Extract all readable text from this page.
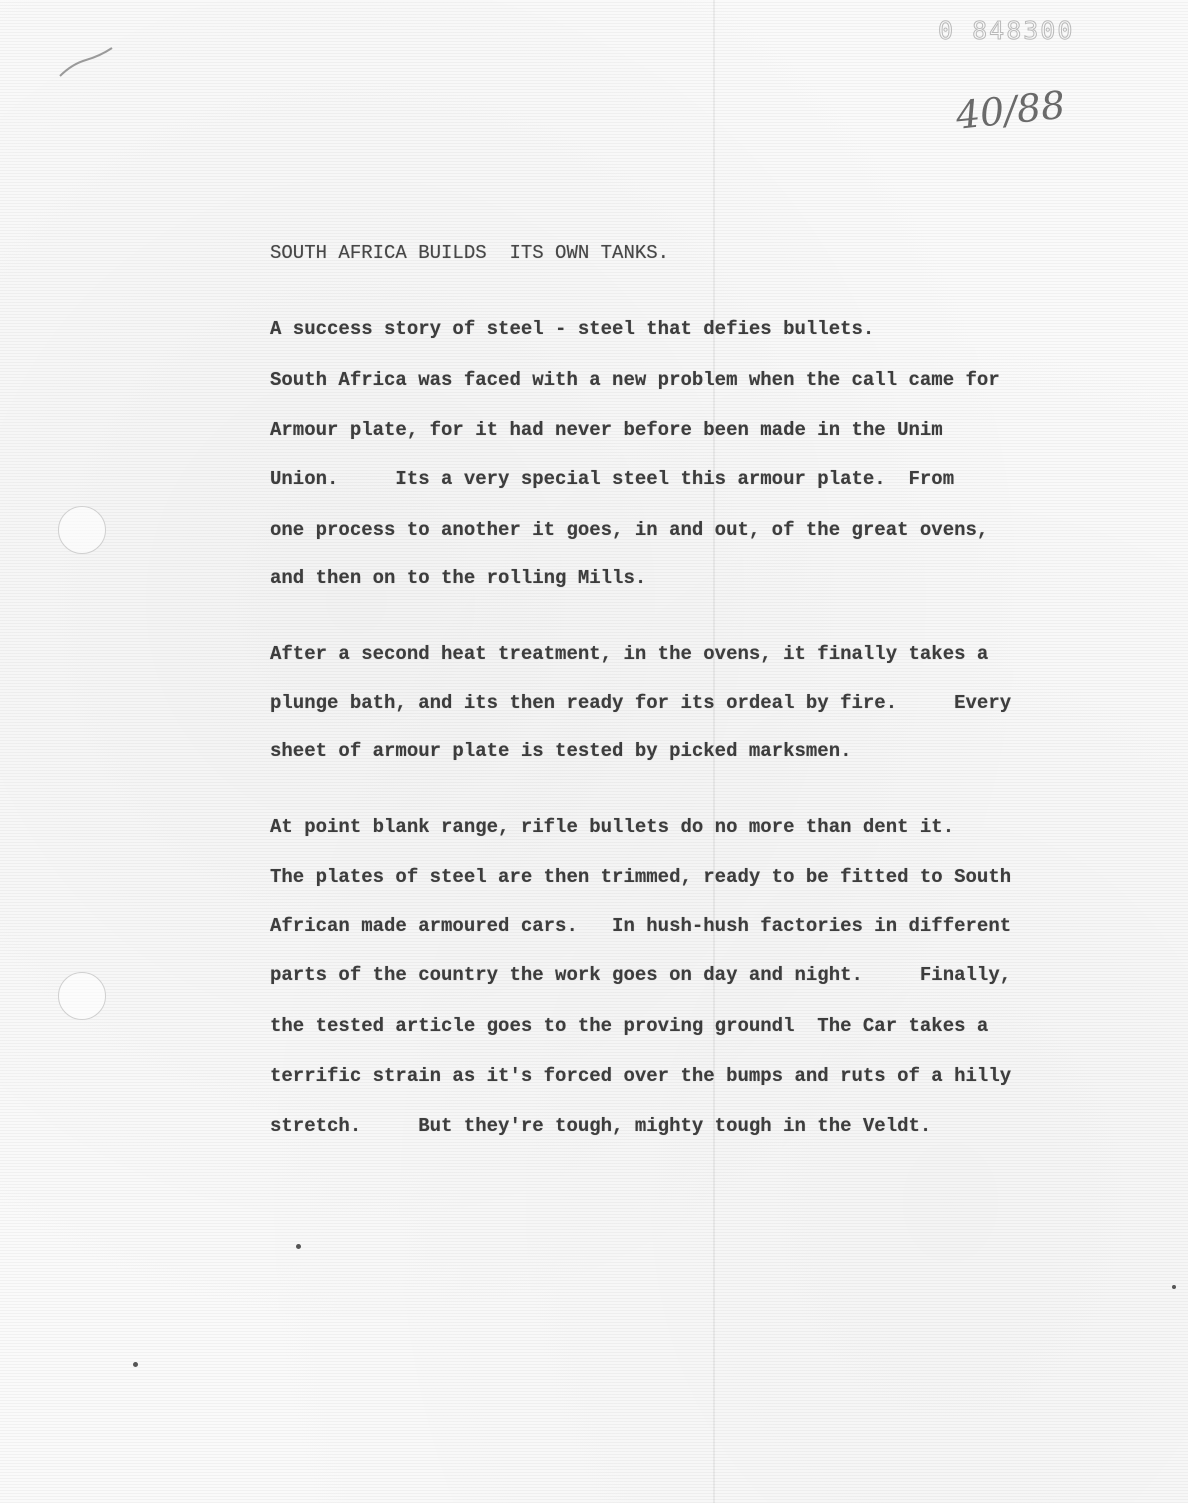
0 848300
40/88
SOUTH AFRICA BUILDS  ITS OWN TANKS.
A success story of steel - steel that defies bullets.
South Africa was faced with a new problem when the call came for
Armour plate, for it had never before been made in the Unim
Union.     Its a very special steel this armour plate.  From
one process to another it goes, in and out, of the great ovens,
and then on to the rolling Mills.
After a second heat treatment, in the ovens, it finally takes a
plunge bath, and its then ready for its ordeal by fire.     Every
sheet of armour plate is tested by picked marksmen.
At point blank range, rifle bullets do no more than dent it.
The plates of steel are then trimmed, ready to be fitted to South
African made armoured cars.   In hush-hush factories in different
parts of the country the work goes on day and night.     Finally,
the tested article goes to the proving groundl  The Car takes a
terrific strain as it's forced over the bumps and ruts of a hilly
stretch.     But they're tough, mighty tough in the Veldt.
